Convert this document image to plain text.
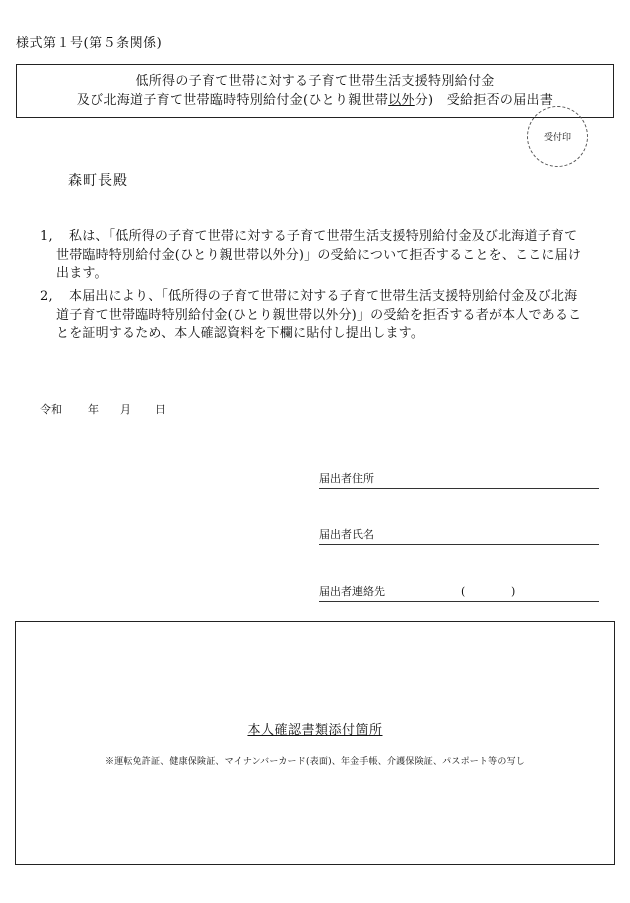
様式第１号(第５条関係)
低所得の子育て世帯に対する子育て世帯生活支援特別給付金
及び北海道子育て世帯臨時特別給付金(ひとり親世帯以外分)　受給拒否の届出書
受付印
森町長殿
1,	私は、「低所得の子育て世帯に対する子育て世帯生活支援特別給付金及び北海道子育て世帯臨時特別給付金(ひとり親世帯以外分)」の受給について拒否することを、ここに届け出ます。
2,	本届出により、「低所得の子育て世帯に対する子育て世帯生活支援特別給付金及び北海道子育て世帯臨時特別給付金(ひとり親世帯以外分)」の受給を拒否する者が本人であることを証明するため、本人確認資料を下欄に貼付し提出します。
令和 年 月 日
届出者住所
届出者氏名
届出者連絡先	(	)
本人確認書類添付箇所
※運転免許証、健康保険証、マイナンバーカード(表面)、年金手帳、介護保険証、パスポート等の写し
